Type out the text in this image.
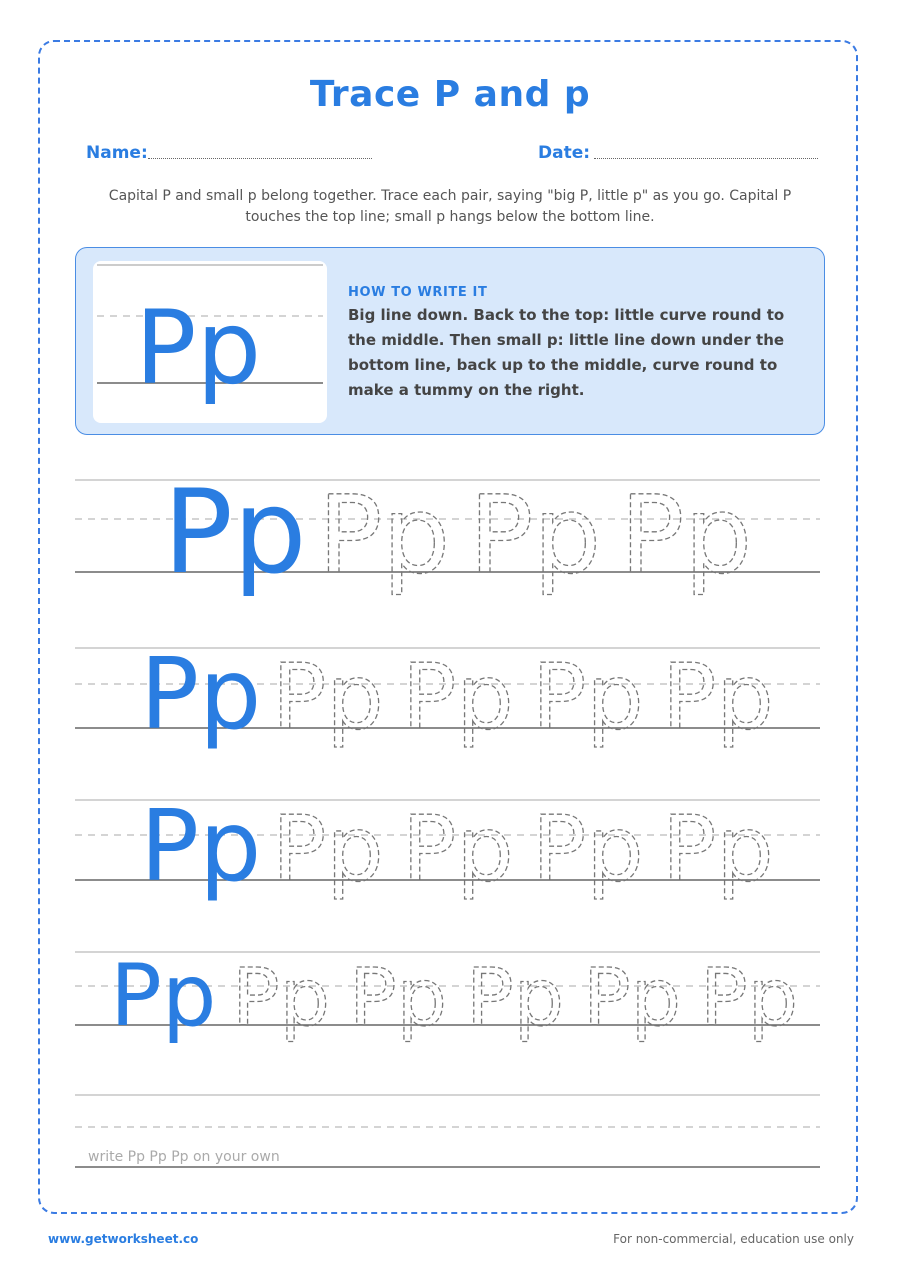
Trace P and p
Name:	Date:
Capital P and small p belong together. Trace each pair, saying "big P, little p" as you go. Capital P touches the top line; small p hangs below the bottom line.
Pp	HOW TO WRITE IT
Big line down. Back to the top: little curve round to the middle. Then small p: little line down under the bottom line, back up to the middle, curve round to make a tummy on the right.
Pp Pp Pp Pp
Pp Pp Pp Pp Pp
Pp Pp Pp Pp Pp
Pp Pp Pp Pp Pp Pp
write Pp Pp Pp on your own
www.getworksheet.co	For non-commercial, education use only
